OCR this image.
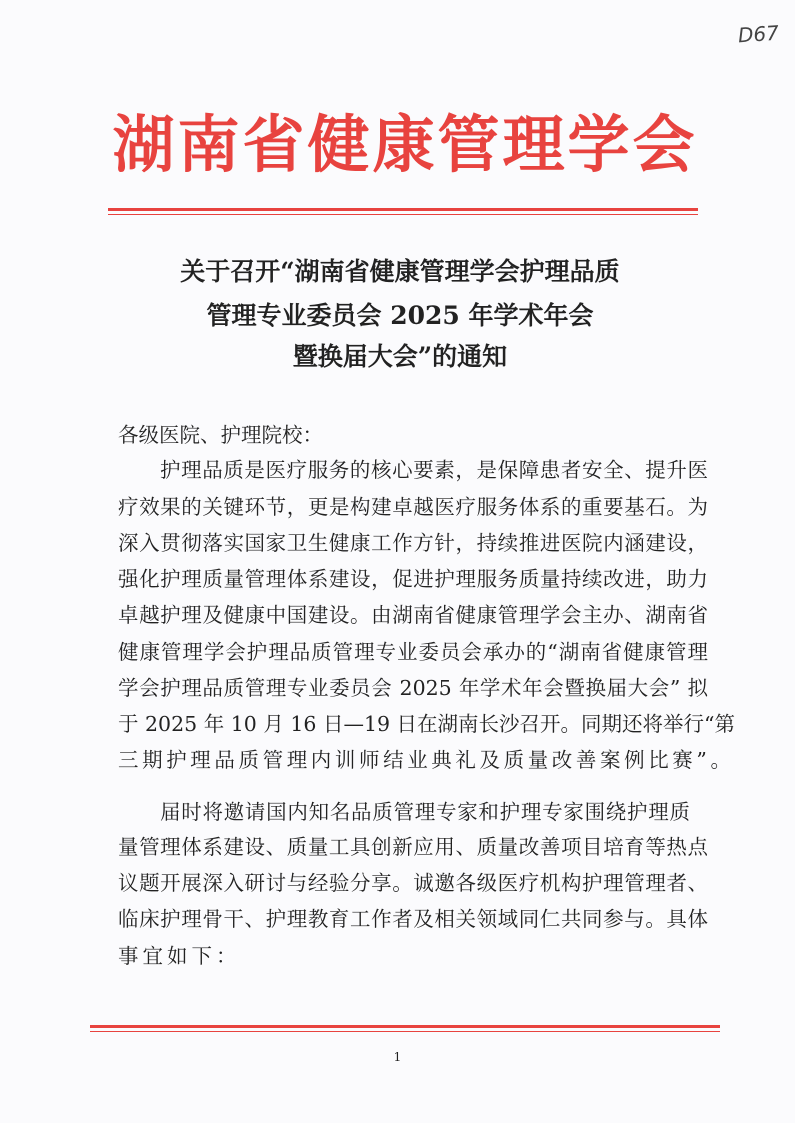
D67
湖南省健康管理学会
关于召开“湖南省健康管理学会护理品质
管理专业委员会 2025 年学术年会
暨换届大会”的通知
各级医院、护理院校：
护理品质是医疗服务的核心要素，是保障患者安全、提升医
疗效果的关键环节，更是构建卓越医疗服务体系的重要基石。为
深入贯彻落实国家卫生健康工作方针，持续推进医院内涵建设，
强化护理质量管理体系建设，促进护理服务质量持续改进，助力
卓越护理及健康中国建设。由湖南省健康管理学会主办、湖南省
健康管理学会护理品质管理专业委员会承办的“湖南省健康管理
学会护理品质管理专业委员会 2025 年学术年会暨换届大会” 拟
于 2025 年 10 月 16 日—19 日在湖南长沙召开。同期还将举行“第
三期护理品质管理内训师结业典礼及质量改善案例比赛”。
届时将邀请国内知名品质管理专家和护理专家围绕护理质
量管理体系建设、质量工具创新应用、质量改善项目培育等热点
议题开展深入研讨与经验分享。诚邀各级医疗机构护理管理者、
临床护理骨干、护理教育工作者及相关领域同仁共同参与。具体
事宜如下：
1
